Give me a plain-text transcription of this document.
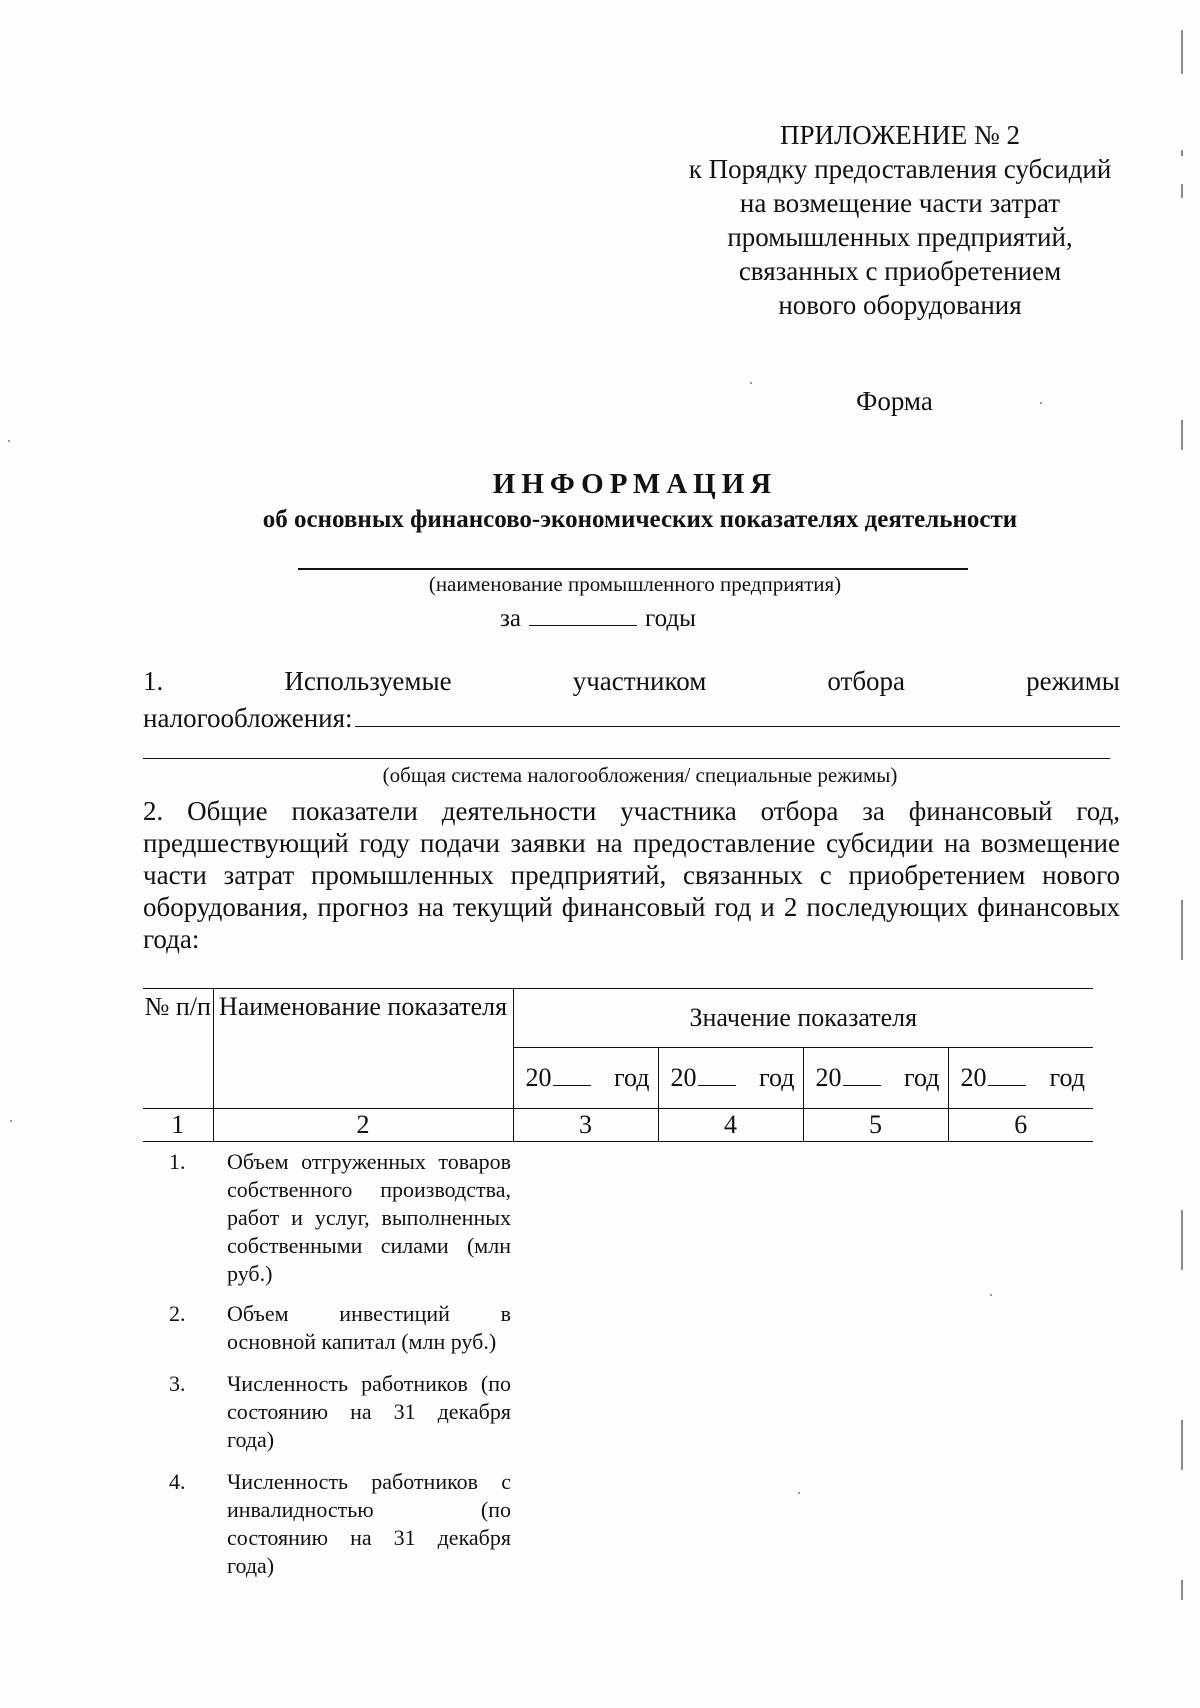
ПРИЛОЖЕНИЕ № 2
к Порядку предоставления субсидий
на возмещение части затрат
промышленных предприятий,
связанных с приобретением
нового оборудования
Форма
ИНФОРМАЦИЯ
об основных финансово-экономических показателях деятельности
(наименование промышленного предприятия)
за	годы
1.	Используемые	участником	отбора	режимы
налогообложения:
(общая система налогообложения/ специальные режимы)
2. Общие показатели деятельности участника отбора за финансовый год, предшествующий году подачи заявки на предоставление субсидии на возмещение части затрат промышленных предприятий, связанных с приобретением нового оборудования, прогноз на текущий финансовый год и 2 последующих финансовых года:
№ п/п	Наименование показателя	Значение показателя			

		20 год	20 год	20 год	20 год

1	2	3	4	5	6
1. Объем отгруженных товаров собственного производства, работ и услуг, выполненных собственными силами (млн руб.)
2. Объем инвестиций в основной капитал (млн руб.)
3. Численность работников (по состоянию на 31 декабря года)
4. Численность работников с инвалидностью (по состоянию на 31 декабря года)
